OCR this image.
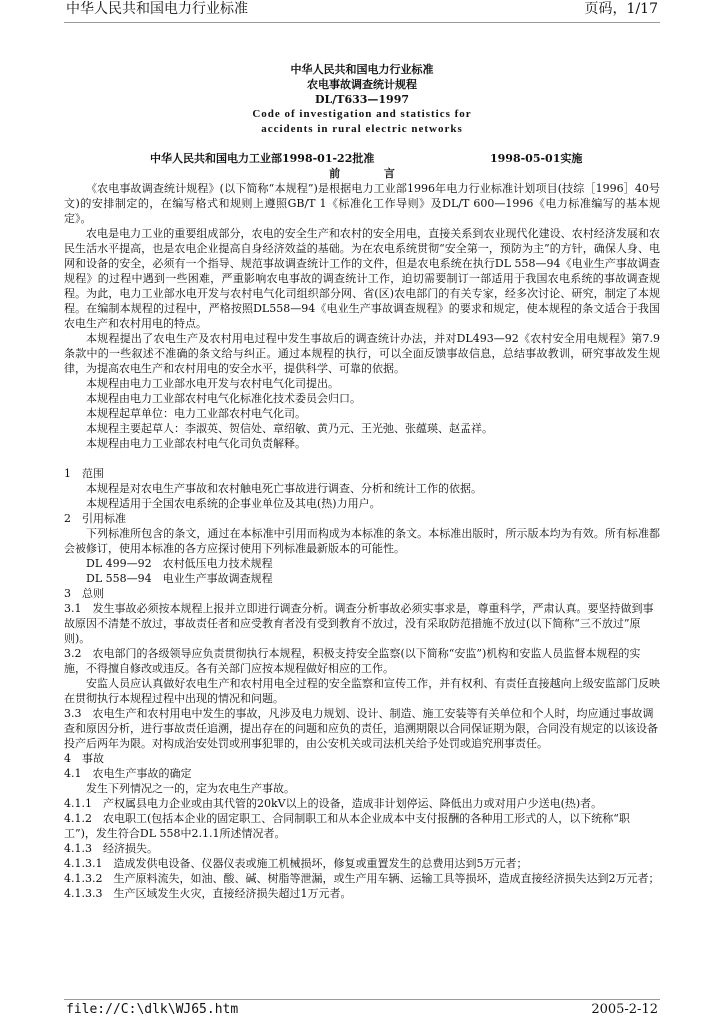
中华人民共和国电力行业标准	页码，1/17
中华人民共和国电力行业标准
农电事故调查统计规程
DL/T633—1997
Code of investigation and statistics for
accidents in rural electric networks
中华人民共和国电力工业部1998-01-22批准	1998-05-01实施
前 言

《农电事故调查统计规程》(以下简称“本规程”)是根据电力工业部1996年电力行业标准计划项目(技综［1996］40号文)的安排制定的，在编写格式和规则上遵照GB/T 1《标准化工作导则》及DL/T 600—1996《电力标准编写的基本规定》。

农电是电力工业的重要组成部分，农电的安全生产和农村的安全用电，直接关系到农业现代化建设、农村经济发展和农民生活水平提高，也是农电企业提高自身经济效益的基础。为在农电系统贯彻“安全第一，预防为主”的方针，确保人身、电网和设备的安全，必须有一个指导、规范事故调查统计工作的文件，但是农电系统在执行DL 558—94《电业生产事故调查规程》的过程中遇到一些困难，严重影响农电事故的调查统计工作，迫切需要制订一部适用于我国农电系统的事故调查规程。为此，电力工业部水电开发与农村电气化司组织部分网、省(区)农电部门的有关专家，经多次讨论、研究，制定了本规程。在编制本规程的过程中，严格按照DL558—94《电业生产事故调查规程》的要求和规定，使本规程的条文适合于我国农电生产和农村用电的特点。

本规程提出了农电生产及农村用电过程中发生事故后的调查统计办法，并对DL493—92《农村安全用电规程》第7.9条款中的一些叙述不准确的条文给与纠正。通过本规程的执行，可以全面反馈事故信息，总结事故教训，研究事故发生规律，为提高农电生产和农村用电的安全水平，提供科学、可靠的依据。

本规程由电力工业部水电开发与农村电气化司提出。

本规程由电力工业部农村电气化标准化技术委员会归口。

本规程起草单位：电力工业部农村电气化司。

本规程主要起草人：李淑英、贺信处、章绍敏、黄乃元、王光弛、张蕴瑛、赵孟祥。

本规程由电力工业部农村电气化司负责解释。

1　范围

本规程是对农电生产事故和农村触电死亡事故进行调查、分析和统计工作的依据。

本规程适用于全国农电系统的企事业单位及其电(热)力用户。

2　引用标准

下列标准所包含的条文，通过在本标准中引用而构成为本标准的条文。本标准出版时，所示版本均为有效。所有标准都会被修订，使用本标准的各方应探讨使用下列标准最新版本的可能性。

DL 499—92　农村低压电力技术规程

DL 558—94　电业生产事故调查规程

3　总则

3.1　发生事故必须按本规程上报并立即进行调查分析。调查分析事故必须实事求是，尊重科学，严肃认真。要坚持做到事故原因不清楚不放过，事故责任者和应受教育者没有受到教育不放过，没有采取防范措施不放过(以下简称“三不放过”原则)。

3.2　农电部门的各级领导应负责贯彻执行本规程，积极支持安全监察(以下简称“安监”)机构和安监人员监督本规程的实施，不得擅自修改或违反。各有关部门应按本规程做好相应的工作。

安监人员应认真做好农电生产和农村用电全过程的安全监察和宣传工作，并有权利、有责任直接越向上级安监部门反映在贯彻执行本规程过程中出现的情况和问题。

3.3　农电生产和农村用电中发生的事故，凡涉及电力规划、设计、制造、施工安装等有关单位和个人时，均应通过事故调查和原因分析，进行事故责任追溯，提出存在的问题和应负的责任，追溯期限以合同保证期为限，合同没有规定的以该设备投产后两年为限。对构成治安处罚或刑事犯罪的，由公安机关或司法机关给予处罚或追究刑事责任。

4　事故

4.1　农电生产事故的确定

发生下列情况之一的，定为农电生产事故。

4.1.1　产权属县电力企业或由其代管的20kV以上的设备，造成非计划停运、降低出力或对用户少送电(热)者。

4.1.2　农电职工(包括本企业的固定职工、合同制职工和从本企业成本中支付报酬的各种用工形式的人，以下统称“职工”)，发生符合DL 558中2.1.1所述情况者。

4.1.3　经济损失。

4.1.3.1　造成发供电设备、仪器仪表或施工机械损坏，修复或重置发生的总费用达到5万元者；

4.1.3.2　生产原料流失，如油、酸、碱、树脂等泄漏，或生产用车辆、运输工具等损坏，造成直接经济损失达到2万元者；

4.1.3.3　生产区域发生火灾，直接经济损失超过1万元者。

file://C:\dlk\WJ65.htm	2005-2-12
